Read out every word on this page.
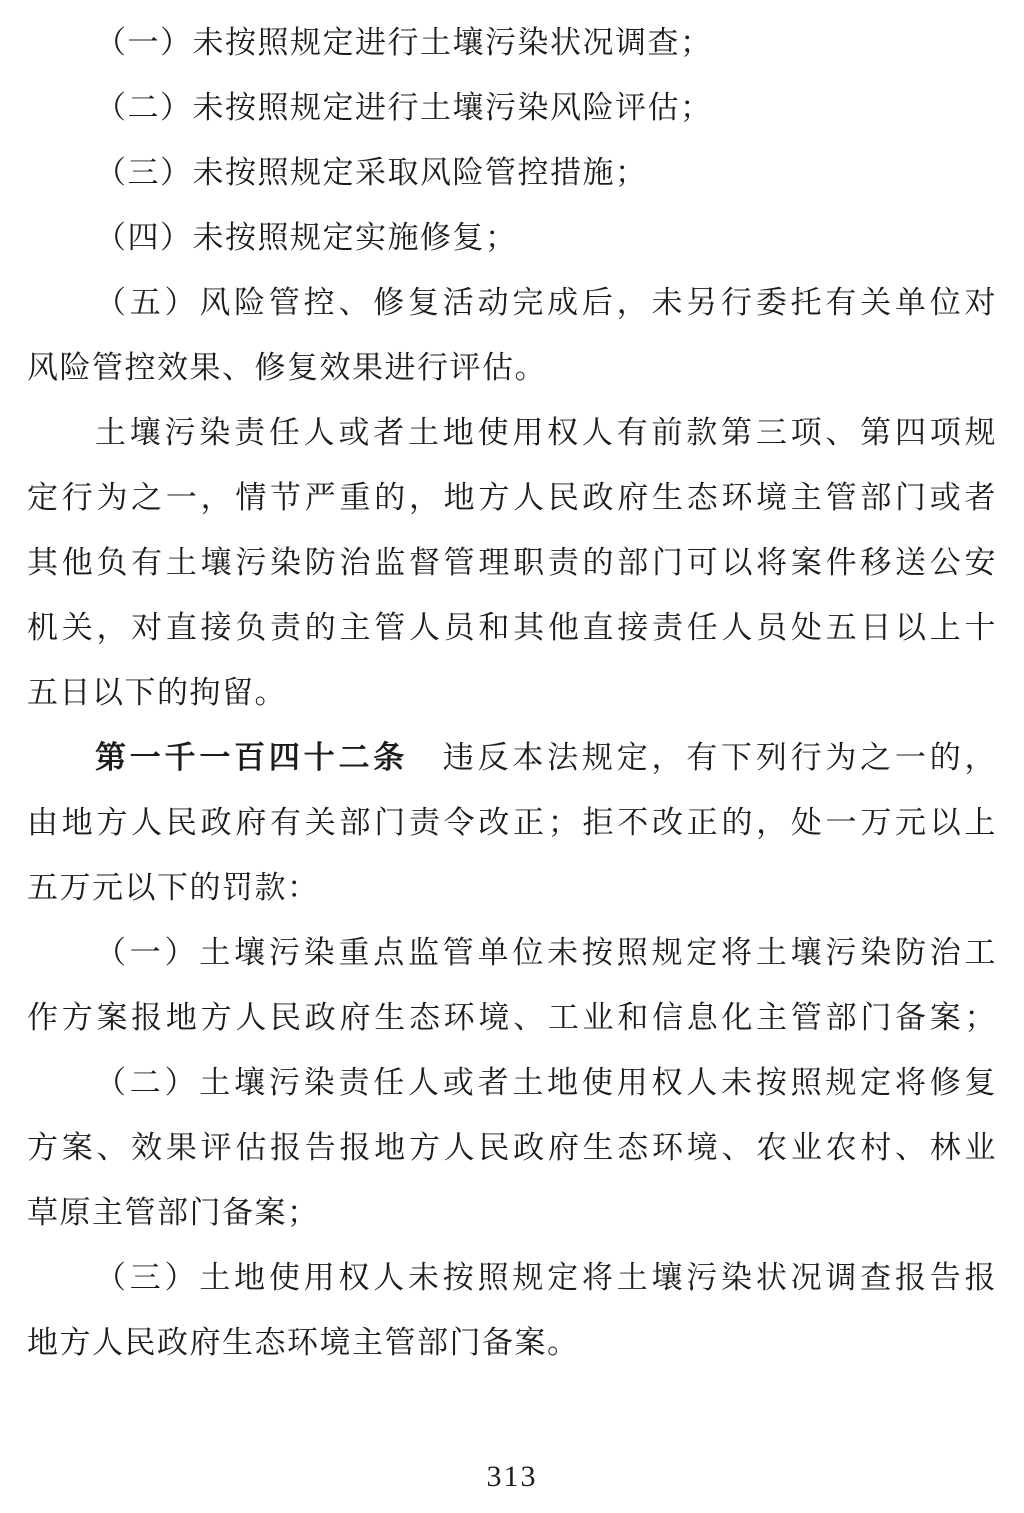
（一）未按照规定进行土壤污染状况调查；
（二）未按照规定进行土壤污染风险评估；
（三）未按照规定采取风险管控措施；
（四）未按照规定实施修复；
（五）风险管控、修复活动完成后，未另行委托有关单位对
风险管控效果、修复效果进行评估。
土壤污染责任人或者土地使用权人有前款第三项、第四项规
定行为之一，情节严重的，地方人民政府生态环境主管部门或者
其他负有土壤污染防治监督管理职责的部门可以将案件移送公安
机关，对直接负责的主管人员和其他直接责任人员处五日以上十
五日以下的拘留。
第一千一百四十二条　违反本法规定，有下列行为之一的，
由地方人民政府有关部门责令改正；拒不改正的，处一万元以上
五万元以下的罚款：
（一）土壤污染重点监管单位未按照规定将土壤污染防治工
作方案报地方人民政府生态环境、工业和信息化主管部门备案；
（二）土壤污染责任人或者土地使用权人未按照规定将修复
方案、效果评估报告报地方人民政府生态环境、农业农村、林业
草原主管部门备案；
（三）土地使用权人未按照规定将土壤污染状况调查报告报
地方人民政府生态环境主管部门备案。
313
